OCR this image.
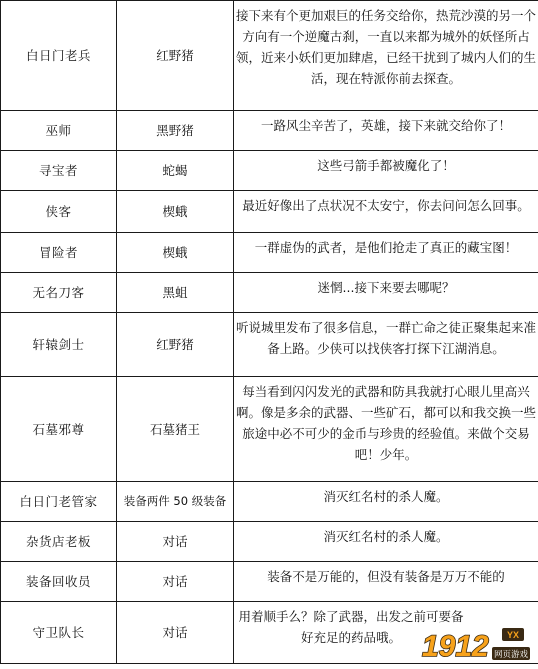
白日门老兵	红野猪	接下来有个更加艰巨的任务交给你，热荒沙漠的另一个方向有一个逆魔古刹，一直以来都为城外的妖怪所占领，近来小妖们更加肆虐，已经干扰到了城内人们的生活，现在特派你前去探查。
巫师	黑野猪	一路风尘辛苦了，英雄，接下来就交给你了！
寻宝者	蛇蝎	这些弓箭手都被魔化了！
侠客	楔蛾	最近好像出了点状况不太安宁，你去问问怎么回事。
冒险者	楔蛾	一群虚伪的武者，是他们抢走了真正的藏宝图！
无名刀客	黑蛆	迷惘...接下来要去哪呢？
轩辕剑士	红野猪	听说城里发布了很多信息，一群亡命之徒正聚集起来准备上路。少侠可以找侠客打探下江湖消息。
石墓邪尊	石墓猪王	每当看到闪闪发光的武器和防具我就打心眼儿里高兴啊。像是多余的武器、一些矿石，都可以和我交换一些旅途中必不可少的金币与珍贵的经验值。来做个交易吧！少年。
白日门老管家	装备两件 50 级装备	消灭红名村的杀人魔。
杂货店老板	对话	消灭红名村的杀人魔。
装备回收员	对话	装备不是万能的，但没有装备是万万不能的
守卫队长	对话	用着顺手么？除了武器，出发之前可要备好充足的药品哦。 1912 YX
网页游戏
